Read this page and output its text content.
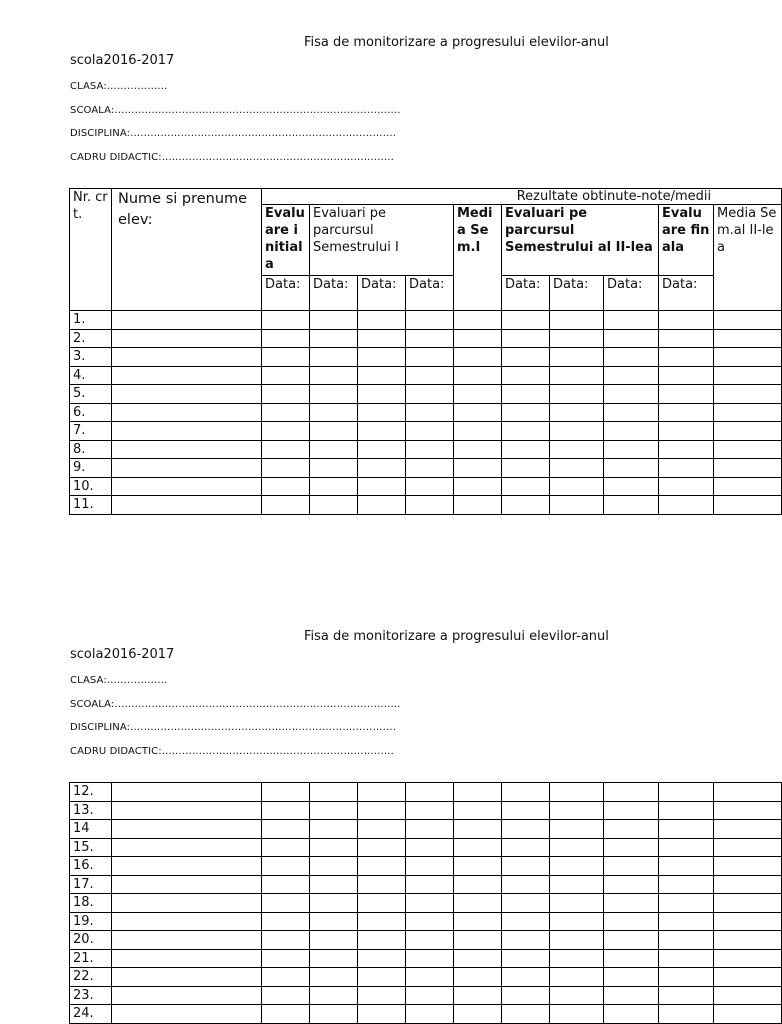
Fisa de monitorizare a progresului elevilor-anul
scola2016-2017
CLASA:………………
SCOALA:………………………………………………………………………….
DISCIPLINA:…………………………………………………………………….
CADRU DIDACTIC:……………………………………………………………
Nr. crt.	Nume si prenume elev:	Rezultate obtinute-note/medii									
		Evaluare initiala	Evaluari pe parcursul Semestrului I			Media Sem.I	Evaluari pe parcursul Semestrului al II-lea			Evaluare finala	Media Sem.al II-lea
		Data:	Data:	Data:	Data:		Data:	Data:	Data:	Data:	
1.											
2.											
3.											
4.											
5.											
6.											
7.											
8.											
9.											
10.											
11.											
Fisa de monitorizare a progresului elevilor-anul
scola2016-2017
CLASA:………………
SCOALA:………………………………………………………………………….
DISCIPLINA:…………………………………………………………………….
CADRU DIDACTIC:……………………………………………………………
12.											
13.											
14											
15.											
16.											
17.											
18.											
19.											
20.											
21.											
22.											
23.											
24.											
